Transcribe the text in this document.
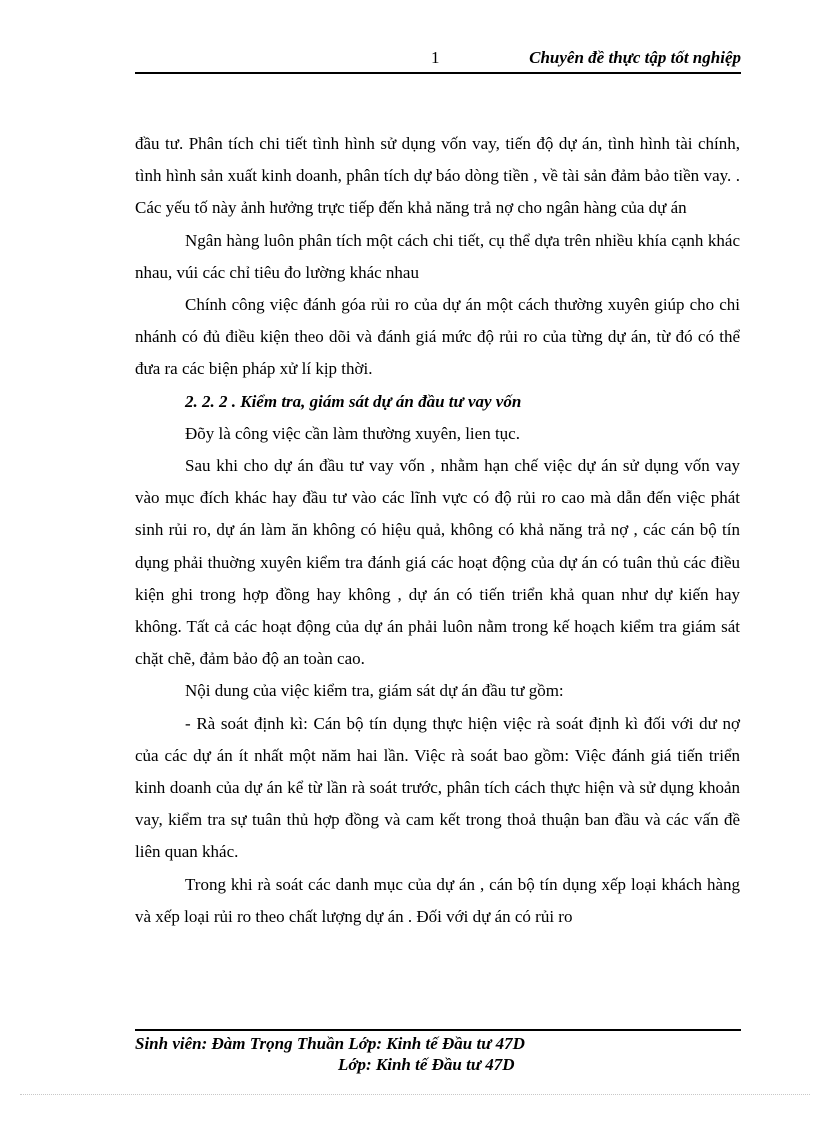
1	Chuyên đề thực tập tốt nghiệp

đầu tư. Phân tích chi tiết tình hình sử dụng vốn vay, tiến độ dự án, tình hình tài chính, tình hình sản xuất kinh doanh, phân tích dự báo dòng tiền , về tài sản đảm bảo tiền vay. . Các yếu tố này ảnh hưởng trực tiếp đến khả năng trả nợ cho ngân hàng của dự án

Ngân hàng luôn phân tích một cách chi tiết, cụ thể dựa trên nhiều khía cạnh khác nhau, vúi các chỉ tiêu đo lường khác nhau

Chính công việc đánh góa rủi ro của dự án một cách thường xuyên giúp cho chi nhánh có đủ điều kiện theo dõi và đánh giá mức độ rủi ro của từng dự án, từ đó có thể đưa ra các biện pháp xử lí kịp thời.

2. 2. 2 . Kiểm tra, giám sát dự án đầu tư vay vốn

Đõy là công việc cần làm thường xuyên, lien tục.

Sau khi cho dự án đầu tư vay vốn , nhằm hạn chế việc dự án sử dụng vốn vay vào mục đích khác hay đầu tư vào các lĩnh vực có độ rủi ro cao mà dẫn đến việc phát sinh rủi ro, dự án làm ăn không có hiệu quả, không có khả năng trả nợ , các cán bộ tín dụng phải thuờng xuyên kiểm tra đánh giá các hoạt động của dự án có tuân thủ các điều kiện ghi trong hợp đồng hay không , dự án có tiến triển khả quan như dự kiến hay không. Tất cả các hoạt động của dự án phải luôn nằm trong kế hoạch kiểm tra giám sát chặt chẽ, đảm bảo độ an toàn cao.

Nội dung của việc kiểm tra, giám sát dự án đầu tư gồm:

- Rà soát định kì: Cán bộ tín dụng thực hiện việc rà soát định kì đối với dư nợ của các dự án ít nhất một năm hai lần. Việc rà soát bao gồm: Việc đánh giá tiến triển kinh doanh của dự án kể từ lần rà soát trước, phân tích cách thực hiện và sử dụng khoản vay, kiểm tra sự tuân thủ hợp đồng và cam kết trong thoả thuận ban đầu và các vấn đề liên quan khác.

Trong khi rà soát các danh mục của dự án , cán bộ tín dụng xếp loại khách hàng và xếp loại rủi ro theo chất lượng dự án . Đối với dự án có rủi ro

Sinh viên: Đàm Trọng Thuần Lớp: Kinh tế Đầu tư 47D
Lớp: Kinh tế Đầu tư 47D
